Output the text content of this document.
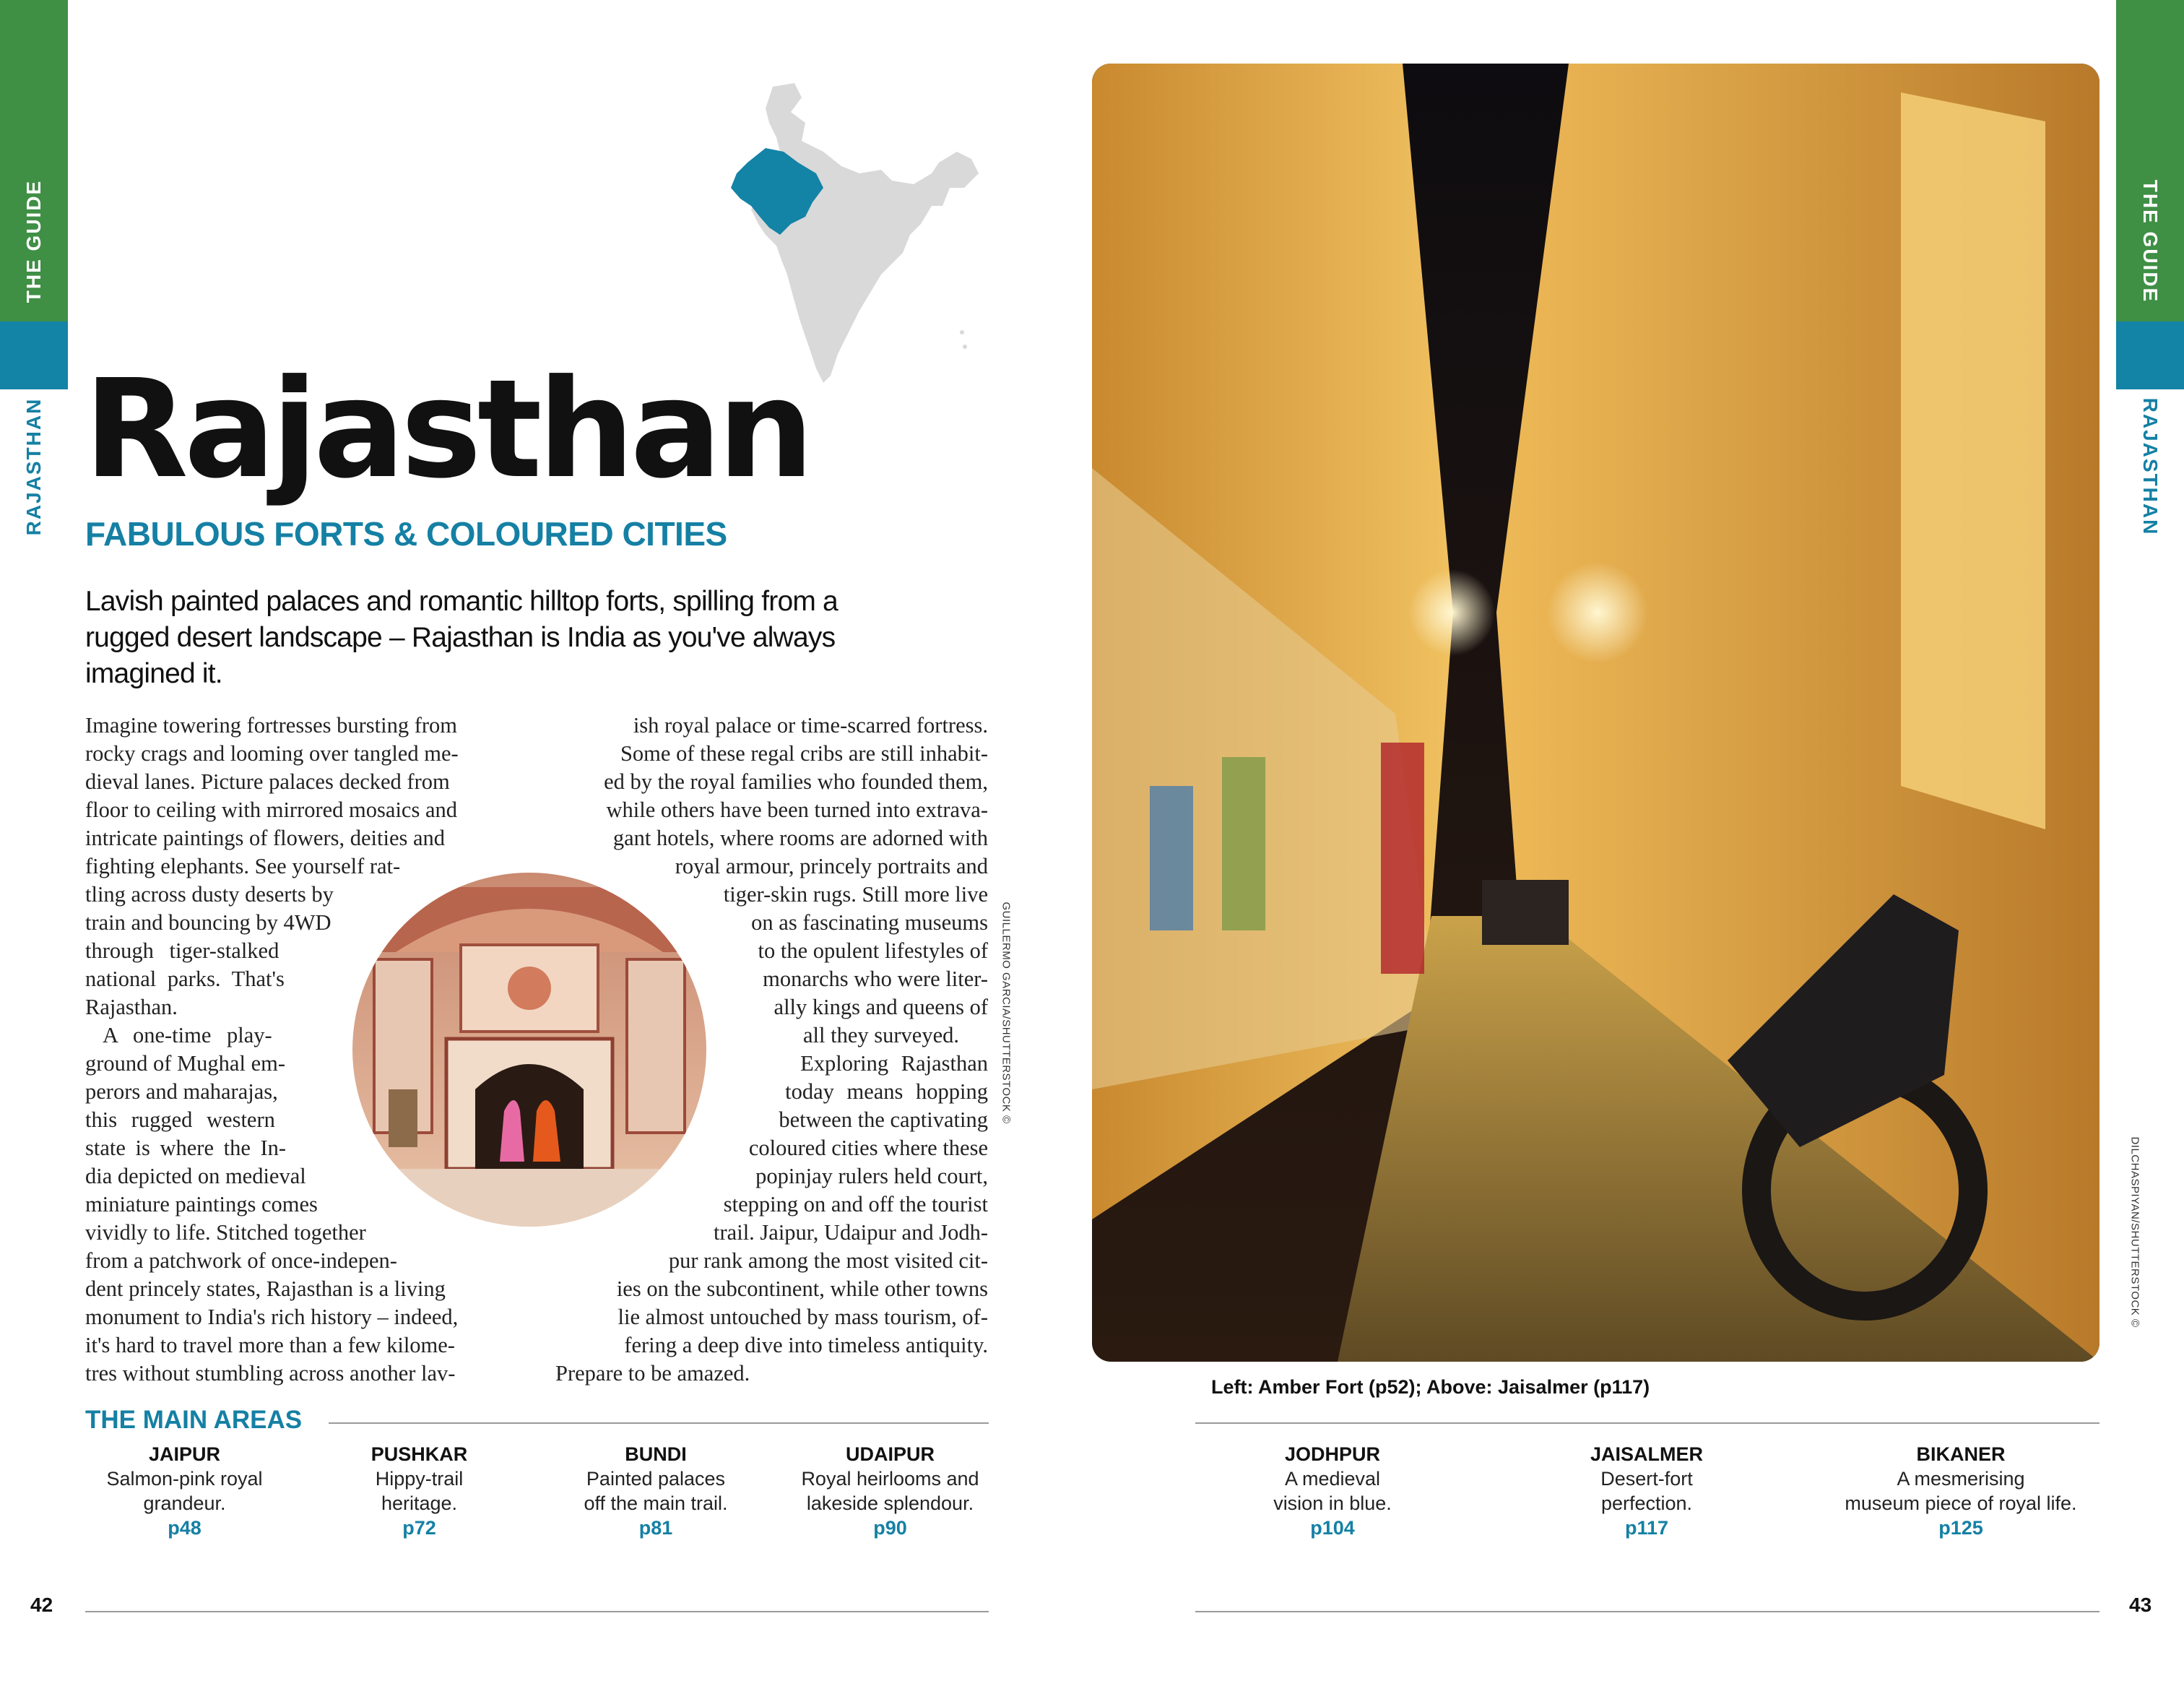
THE GUIDE
RAJASTHAN
THE GUIDE
RAJASTHAN
Rajasthan
FABULOUS FORTS & COLOURED CITIES
Lavish painted palaces and romantic hilltop forts, spilling from a
rugged desert landscape – Rajasthan is India as you've always
imagined it.
Imagine towering fortresses bursting from
rocky crags and looming over tangled me-
dieval lanes. Picture palaces decked from
floor to ceiling with mirrored mosaics and
intricate paintings of flowers, deities and
fighting elephants. See yourself rat-
tling across dusty deserts by
train and bouncing by 4WD
through tiger-stalked
national parks. That's
Rajasthan.
A one-time play-
ground of Mughal em-
perors and maharajas,
this rugged western
state is where the In-
dia depicted on medieval
miniature paintings comes
vividly to life. Stitched together
from a patchwork of once-indepen-
dent princely states, Rajasthan is a living
monument to India's rich history – indeed,
it's hard to travel more than a few kilome-
tres without stumbling across another lav-
ish royal palace or time-scarred fortress.
Some of these regal cribs are still inhabit-
ed by the royal families who founded them,
while others have been turned into extrava-
gant hotels, where rooms are adorned with
royal armour, princely portraits and
tiger-skin rugs. Still more live
on as fascinating museums
to the opulent lifestyles of
monarchs who were liter-
ally kings and queens of
all they surveyed.
Exploring Rajasthan
today means hopping
between the captivating
coloured cities where these
popinjay rulers held court,
stepping on and off the tourist
trail. Jaipur, Udaipur and Jodh-
pur rank among the most visited cit-
ies on the subcontinent, while other towns
lie almost untouched by mass tourism, of-
fering a deep dive into timeless antiquity.
Prepare to be amazed.
GUILLERMO GARCIA/SHUTTERSTOCK ©
DILCHASPIYAN/SHUTTERSTOCK ©
Left: Amber Fort (p52); Above: Jaisalmer (p117)
THE MAIN AREAS
JAIPUR
Salmon-pink royal
grandeur.
p48
PUSHKAR
Hippy-trail
heritage.
p72
BUNDI
Painted palaces
off the main trail.
p81
UDAIPUR
Royal heirlooms and
lakeside splendour.
p90
JODHPUR
A medieval
vision in blue.
p104
JAISALMER
Desert-fort
perfection.
p117
BIKANER
A mesmerising
museum piece of royal life.
p125
42	43
